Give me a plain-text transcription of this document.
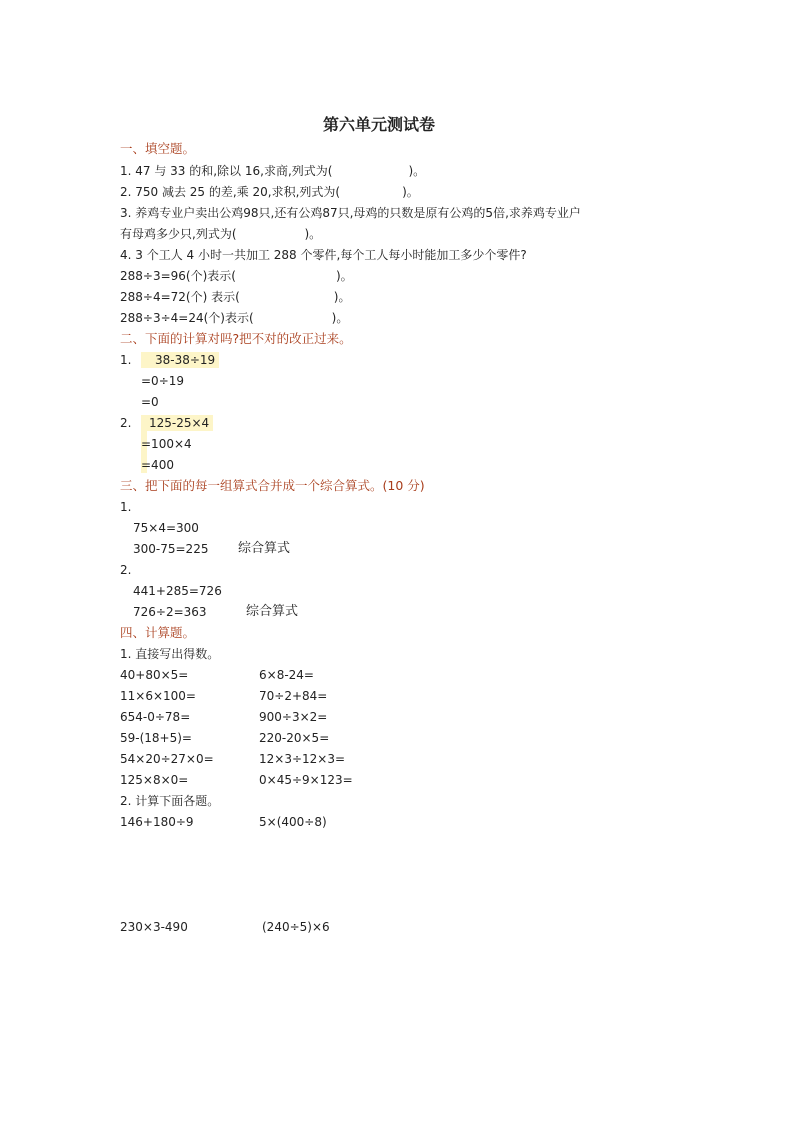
第六单元测试卷
一、填空题。
1. 47 与 33 的和,除以 16,求商,列式为(	)。
2. 750 减去 25 的差,乘 20,求积,列式为(	)。
3. 养鸡专业户卖出公鸡98只,还有公鸡87只,母鸡的只数是原有公鸡的5倍,求养鸡专业户
有母鸡多少只,列式为(	)。
4. 3 个工人 4 小时一共加工 288 个零件,每个工人每小时能加工多少个零件?
288÷3=96(个)表示(	)。
288÷4=72(个) 表示(	)。
288÷3÷4=24(个)表示(	)。
二、下面的计算对吗?把不对的改正过来。
1.	38-38÷19
=0÷19
=0
2.	125-25×4
=100×4
=400
三、把下面的每一组算式合并成一个综合算式。(10 分)
1.
75×4=300
300-75=225 综合算式
2.
441+285=726
726÷2=363	综合算式
四、计算题。
1. 直接写出得数。
40+80×5=	6×8-24=
11×6×100=	70÷2+84=
654-0÷78=	900÷3×2=
59-(18+5)=	220-20×5=
54×20÷27×0=	12×3÷12×3=
125×8×0=	0×45÷9×123=
2. 计算下面各题。
146+180÷9	5×(400÷8)
230×3-490	(240÷5)×6
